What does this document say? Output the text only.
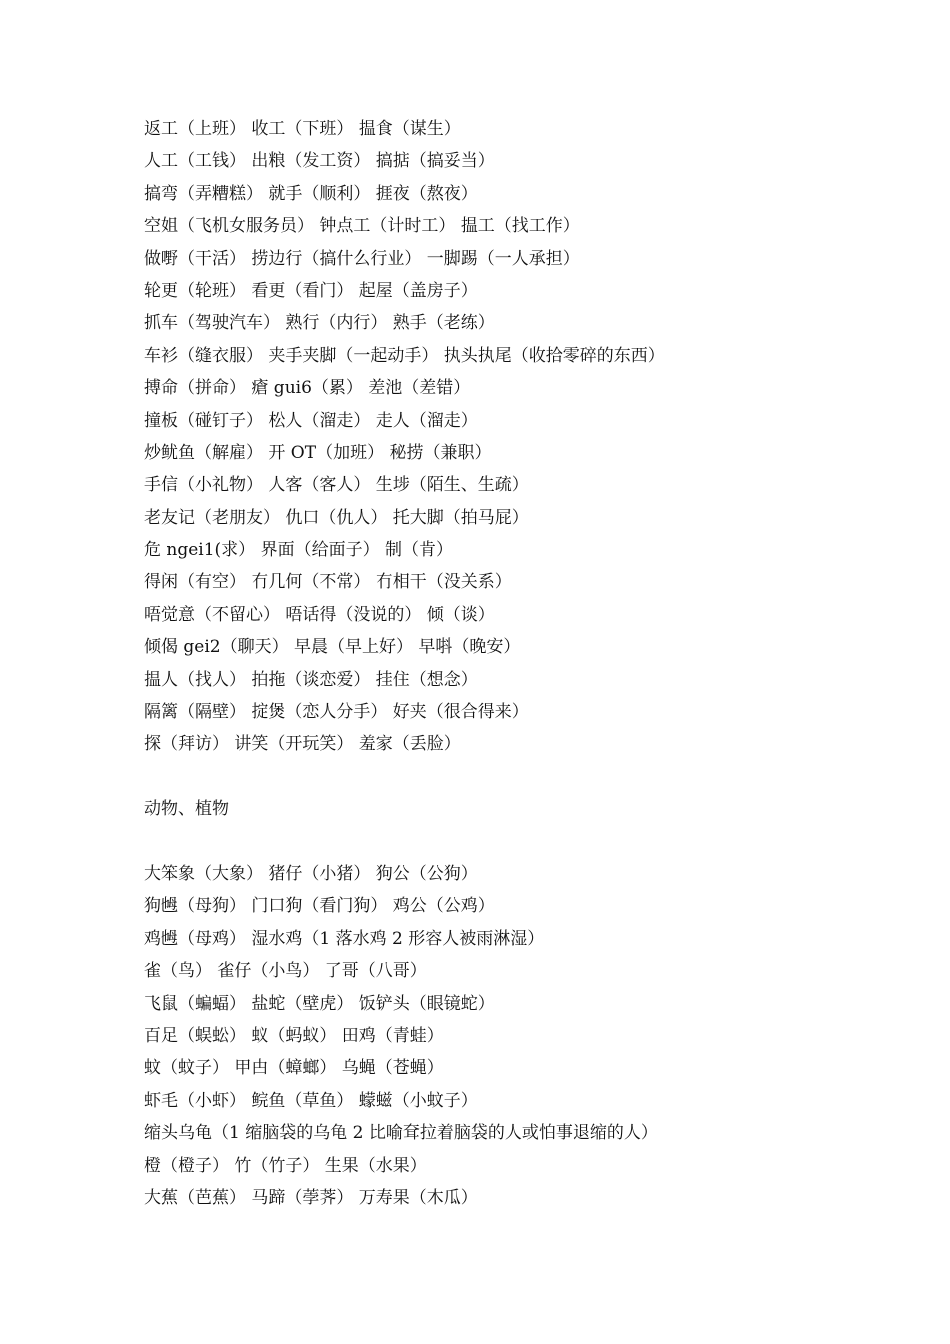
返工（上班） 收工（下班） 揾食（谋生）
人工（工钱） 出粮（发工资） 搞掂（搞妥当）
搞弯（弄糟糕） 就手（顺利） 捱夜（熬夜）
空姐（飞机女服务员） 钟点工（计时工） 揾工（找工作）
做嘢（干活） 捞边行（搞什么行业） 一脚踢（一人承担）
轮更（轮班） 看更（看门） 起屋（盖房子）
抓车（驾驶汽车） 熟行（内行） 熟手（老练）
车衫（缝衣服） 夹手夹脚（一起动手） 执头执尾（收拾零碎的东西）
搏命（拼命） 瘡 gui6（累） 差池（差错）
撞板（碰钉子） 松人（溜走） 走人（溜走）
炒鱿鱼（解雇） 开 OT（加班） 秘捞（兼职）
手信（小礼物） 人客（客人） 生埗（陌生、生疏）
老友记（老朋友） 仇口（仇人） 托大脚（拍马屁）
危 ngei1(求） 界面（给面子） 制（肯）
得闲（有空） 冇几何（不常） 冇相干（没关系）
唔觉意（不留心） 唔话得（没说的） 倾（谈）
倾偈 gei2（聊天） 早晨（早上好） 早唞（晚安）
揾人（找人） 拍拖（谈恋爱） 挂住（想念）
隔篱（隔壁） 掟煲（恋人分手） 好夹（很合得来）
探（拜访） 讲笑（开玩笑） 羞家（丢脸）
动物、植物
大笨象（大象） 猪仔（小猪） 狗公（公狗）
狗乸（母狗） 门口狗（看门狗） 鸡公（公鸡）
鸡乸（母鸡） 湿水鸡（1 落水鸡 2 形容人被雨淋湿）
雀（鸟） 雀仔（小鸟） 了哥（八哥）
飞鼠（蝙蝠） 盐蛇（壁虎） 饭铲头（眼镜蛇）
百足（蜈蚣） 蚁（蚂蚁） 田鸡（青蛙）
蚊（蚊子） 甲甴（蟑螂） 乌蝇（苍蝇）
虾毛（小虾） 鲩鱼（草鱼） 蠓螆（小蚊子）
缩头乌龟（1 缩脑袋的乌龟 2 比喻耷拉着脑袋的人或怕事退缩的人）
橙（橙子） 竹（竹子） 生果（水果）
大蕉（芭蕉） 马蹄（荸荠） 万寿果（木瓜）
